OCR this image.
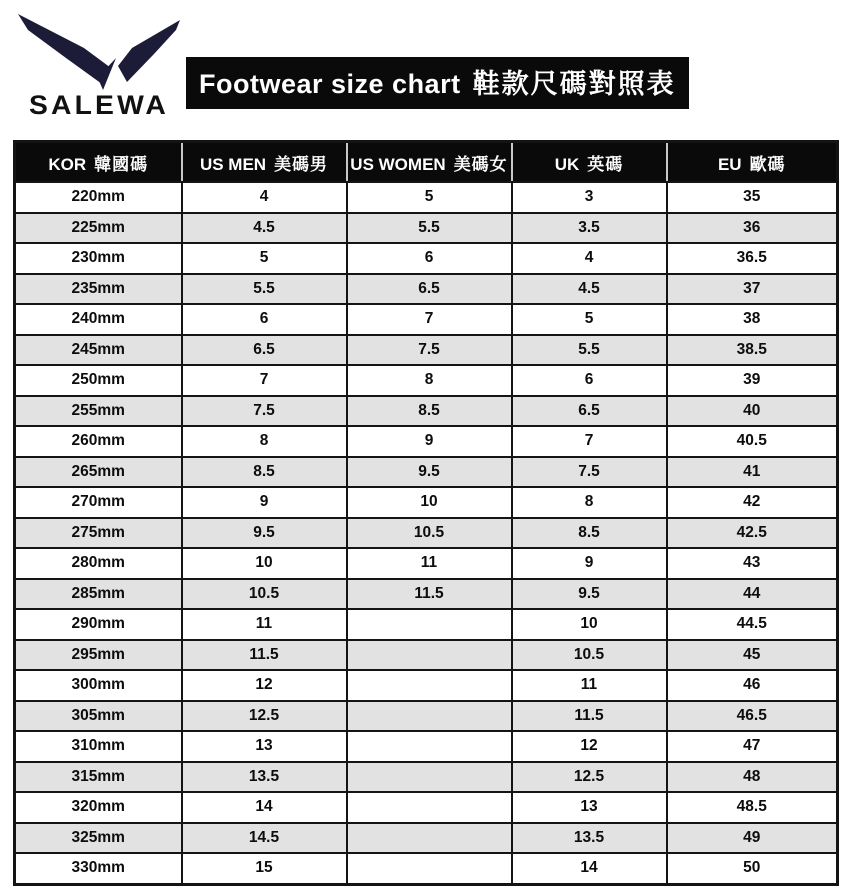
SALEWA
Footwear size chart 鞋款尺碼對照表
KOR 韓國碼	US MEN 美碼男	US WOMEN 美碼女	UK 英碼	EU 歐碼
220mm	4	5	3	35
225mm	4.5	5.5	3.5	36
230mm	5	6	4	36.5
235mm	5.5	6.5	4.5	37
240mm	6	7	5	38
245mm	6.5	7.5	5.5	38.5
250mm	7	8	6	39
255mm	7.5	8.5	6.5	40
260mm	8	9	7	40.5
265mm	8.5	9.5	7.5	41
270mm	9	10	8	42
275mm	9.5	10.5	8.5	42.5
280mm	10	11	9	43
285mm	10.5	11.5	9.5	44
290mm	11		10	44.5
295mm	11.5		10.5	45
300mm	12		11	46
305mm	12.5		11.5	46.5
310mm	13		12	47
315mm	13.5		12.5	48
320mm	14		13	48.5
325mm	14.5		13.5	49
330mm	15		14	50
